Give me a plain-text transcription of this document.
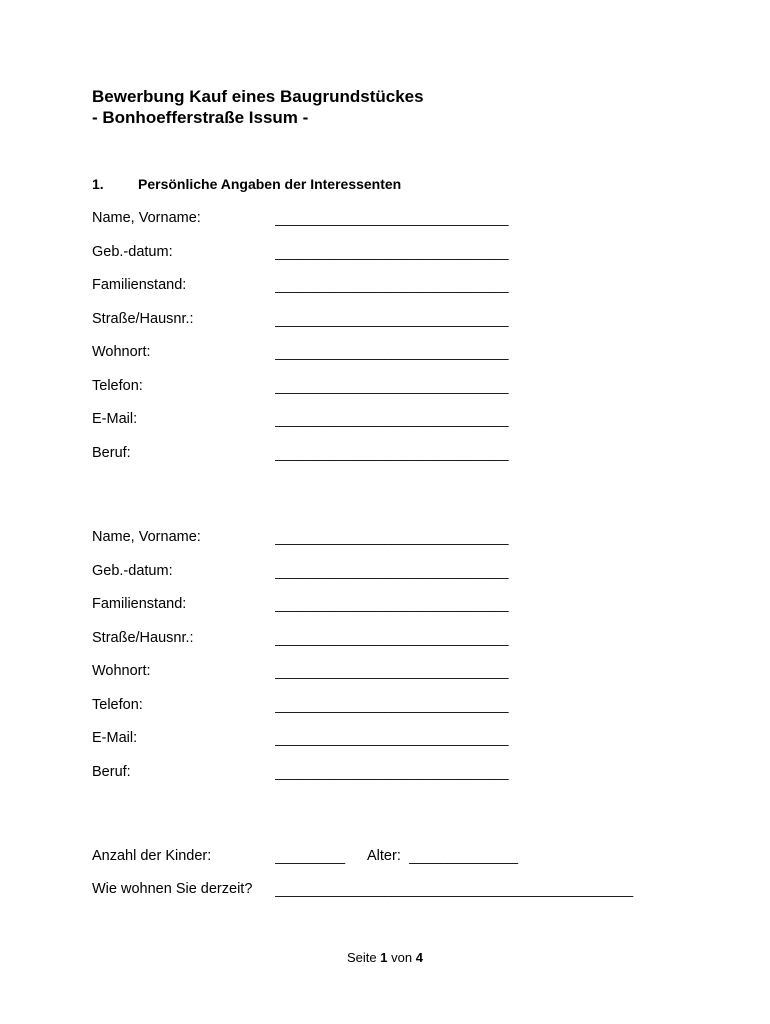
Bewerbung Kauf eines Baugrundstückes
- Bonhoefferstraße Issum -
1. Persönliche Angaben der Interessenten
Name, Vorname:	______________________________
Geb.-datum:	______________________________
Familienstand:	______________________________
Straße/Hausnr.:	______________________________
Wohnort:	______________________________
Telefon:	______________________________
E-Mail:	______________________________
Beruf:	______________________________
Name, Vorname:	______________________________
Geb.-datum:	______________________________
Familienstand:	______________________________
Straße/Hausnr.:	______________________________
Wohnort:	______________________________
Telefon:	______________________________
E-Mail:	______________________________
Beruf:	______________________________
Anzahl der Kinder:	_________	Alter: ______________
Wie wohnen Sie derzeit? ______________________________________________
Seite 1 von 4
